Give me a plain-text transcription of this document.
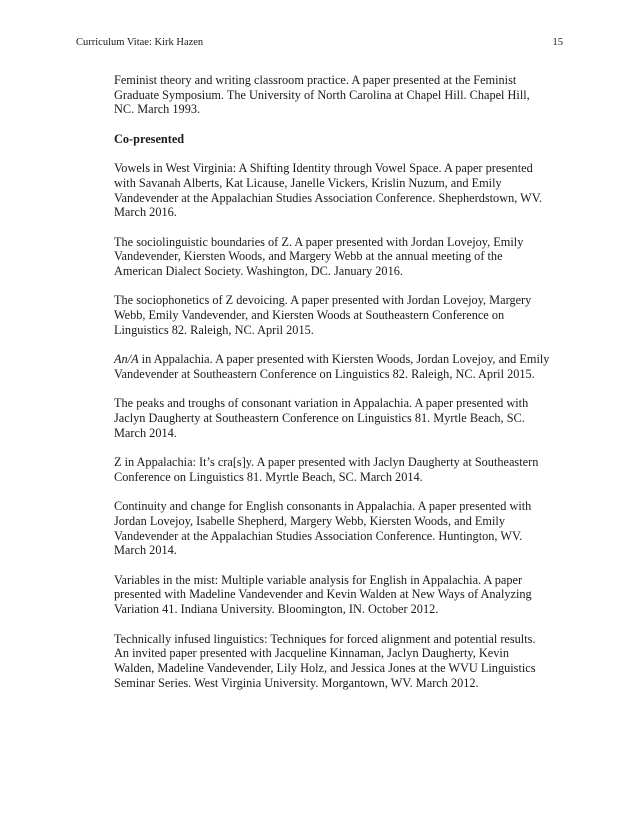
Curriculum Vitae: Kirk Hazen	15

Feminist theory and writing classroom practice. A paper presented at the Feminist Graduate Symposium. The University of North Carolina at Chapel Hill. Chapel Hill, NC. March 1993.

Co-presented

Vowels in West Virginia: A Shifting Identity through Vowel Space. A paper presented with Savanah Alberts, Kat Licause, Janelle Vickers, Krislin Nuzum, and Emily Vandevender at the Appalachian Studies Association Conference. Shepherdstown, WV. March 2016.

The sociolinguistic boundaries of Z. A paper presented with Jordan Lovejoy, Emily Vandevender, Kiersten Woods, and Margery Webb at the annual meeting of the American Dialect Society. Washington, DC. January 2016.

The sociophonetics of Z devoicing. A paper presented with Jordan Lovejoy, Margery Webb, Emily Vandevender, and Kiersten Woods at Southeastern Conference on Linguistics 82. Raleigh, NC. April 2015.

An/A in Appalachia. A paper presented with Kiersten Woods, Jordan Lovejoy, and Emily Vandevender at Southeastern Conference on Linguistics 82. Raleigh, NC. April 2015.

The peaks and troughs of consonant variation in Appalachia. A paper presented with Jaclyn Daugherty at Southeastern Conference on Linguistics 81. Myrtle Beach, SC. March 2014.

Z in Appalachia: It’s cra[s]y. A paper presented with Jaclyn Daugherty at Southeastern Conference on Linguistics 81. Myrtle Beach, SC. March 2014.

Continuity and change for English consonants in Appalachia. A paper presented with Jordan Lovejoy, Isabelle Shepherd, Margery Webb, Kiersten Woods, and Emily Vandevender at the Appalachian Studies Association Conference. Huntington, WV. March 2014.

Variables in the mist: Multiple variable analysis for English in Appalachia. A paper presented with Madeline Vandevender and Kevin Walden at New Ways of Analyzing Variation 41. Indiana University. Bloomington, IN. October 2012.

Technically infused linguistics: Techniques for forced alignment and potential results. An invited paper presented with Jacqueline Kinnaman, Jaclyn Daugherty, Kevin Walden, Madeline Vandevender, Lily Holz, and Jessica Jones at the WVU Linguistics Seminar Series. West Virginia University. Morgantown, WV. March 2012.
